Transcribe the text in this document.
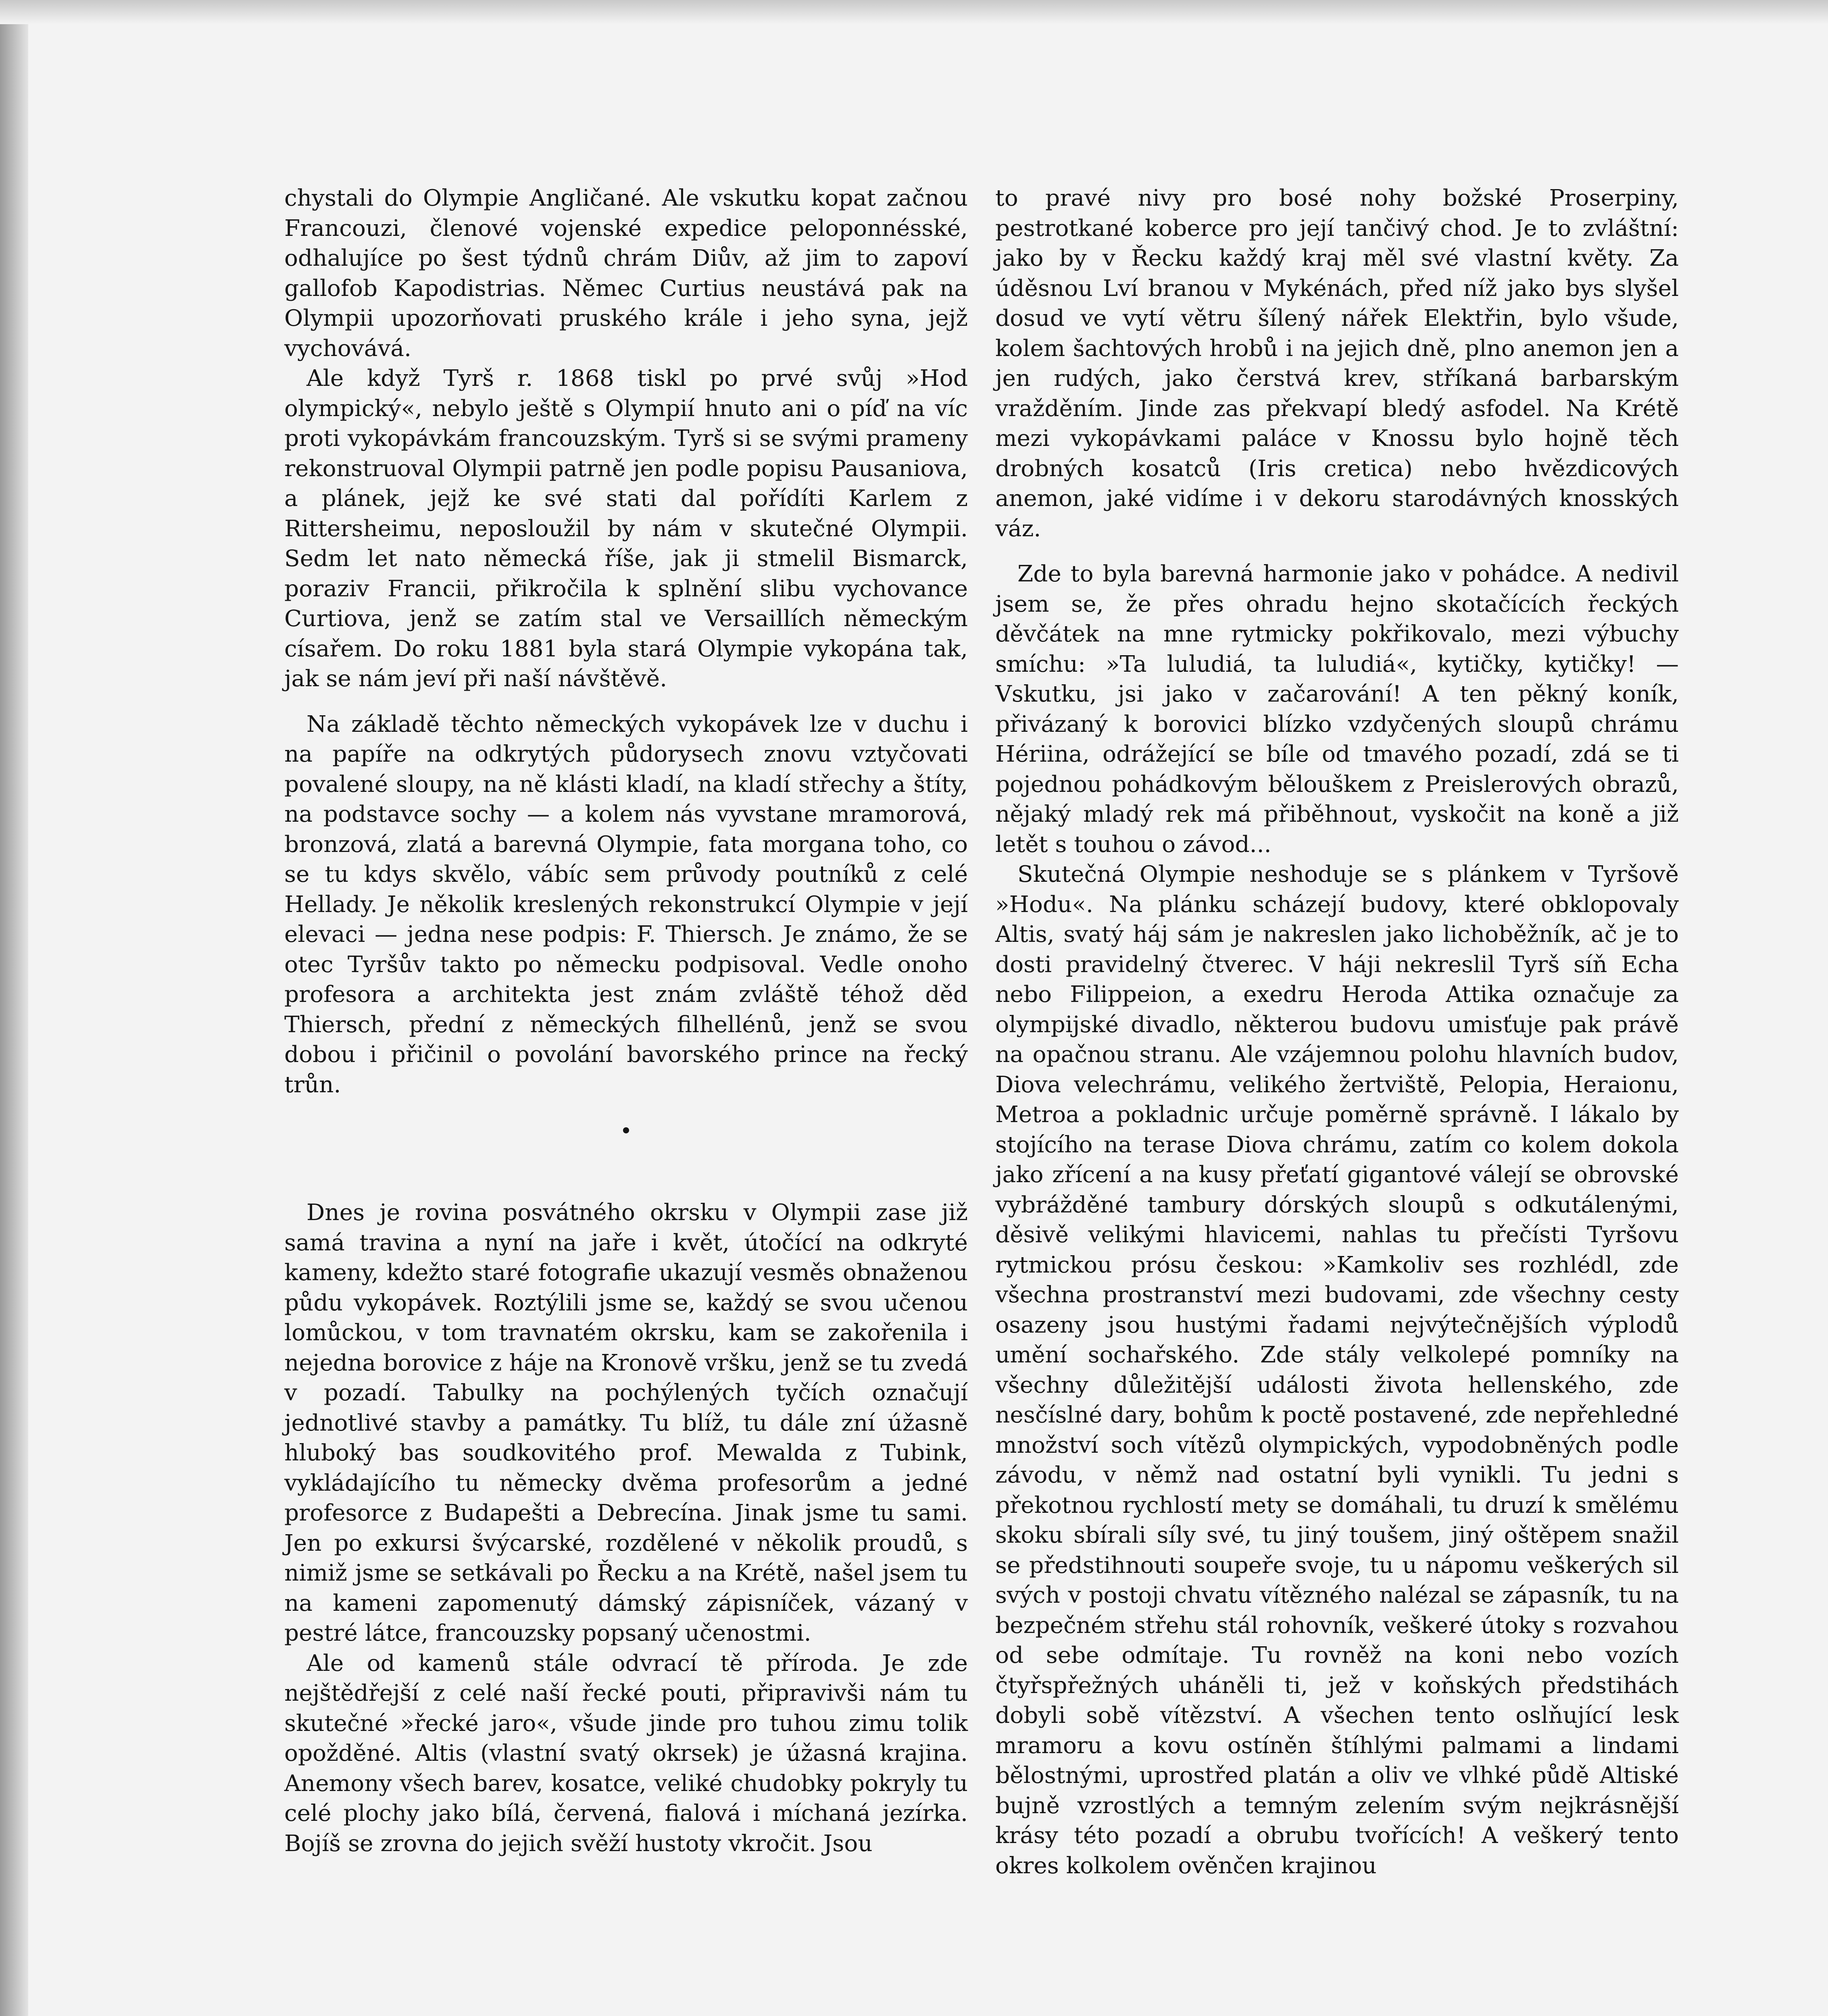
chystali do Olympie Angličané. Ale vskutku kopat začnou Francouzi, členové vojenské expedice peloponnésské, odhalujíce po šest týdnů chrám Diův, až jim to zapoví gallofob Kapodistrias. Němec Curtius neustává pak na Olympii upozorňovati pruského krále i jeho syna, jejž vychovává.

Ale když Tyrš r. 1868 tiskl po prvé svůj »Hod olympický«, nebylo ještě s Olympií hnuto ani o píď na víc proti vykopávkám francouzským. Tyrš si se svými prameny rekonstruoval Olympii patrně jen podle popisu Pausaniova, a plánek, jejž ke své stati dal pořídíti Karlem z Rittersheimu, neposloužil by nám v skutečné Olympii. Sedm let nato německá říše, jak ji stmelil Bismarck, poraziv Francii, přikročila k splnění slibu vychovance Curtiova, jenž se zatím stal ve Versaillích německým císařem. Do roku 1881 byla stará Olympie vykopána tak, jak se nám jeví při naší návštěvě.

Na základě těchto německých vykopávek lze v duchu i na papíře na odkrytých půdorysech znovu vztyčovati povalené sloupy, na ně klásti kladí, na kladí střechy a štíty, na podstavce sochy — a kolem nás vyvstane mramorová, bronzová, zlatá a barevná Olympie, fata morgana toho, co se tu kdys skvělo, vábíc sem průvody poutníků z celé Hellady. Je několik kreslených rekonstrukcí Olympie v její elevaci — jedna nese podpis: F. Thiersch. Je známo, že se otec Tyršův takto po německu podpisoval. Vedle onoho profesora a architekta jest znám zvláště téhož děd Thiersch, přední z německých filhellénů, jenž se svou dobou i přičinil o povolání bavorského prince na řecký trůn.

•

Dnes je rovina posvátného okrsku v Olympii zase již samá travina a nyní na jaře i květ, útočící na odkryté kameny, kdežto staré fotografie ukazují vesměs obnaženou půdu vykopávek. Roztýlili jsme se, každý se svou učenou lomůckou, v tom travnatém okrsku, kam se zakořenila i nejedna borovice z háje na Kronově vršku, jenž se tu zvedá v pozadí. Tabulky na pochýlených tyčích označují jednotlivé stavby a památky. Tu blíž, tu dále zní úžasně hluboký bas soudkovitého prof. Mewalda z Tubink, vykládajícího tu německy dvěma profesorům a jedné profesorce z Budapešti a Debrecína. Jinak jsme tu sami. Jen po exkursi švýcarské, rozdělené v několik proudů, s nimiž jsme se setkávali po Řecku a na Krétě, našel jsem tu na kameni zapomenutý dámský zápisníček, vázaný v pestré látce, francouzsky popsaný učenostmi.

Ale od kamenů stále odvrací tě příroda. Je zde nejštědřejší z celé naší řecké pouti, připravivši nám tu skutečné »řecké jaro«, všude jinde pro tuhou zimu tolik opožděné. Altis (vlastní svatý okrsek) je úžasná krajina. Anemony všech barev, kosatce, veliké chudobky pokryly tu celé plochy jako bílá, červená, fialová i míchaná jezírka. Bojíš se zrovna do jejich svěží hustoty vkročit. Jsou

to pravé nivy pro bosé nohy božské Proserpiny, pestrotkané koberce pro její tančivý chod. Je to zvláštní: jako by v Řecku každý kraj měl své vlastní květy. Za úděsnou Lví branou v Mykénách, před níž jako bys slyšel dosud ve vytí větru šílený nářek Elektřin, bylo všude, kolem šachtových hrobů i na jejich dně, plno anemon jen a jen rudých, jako čerstvá krev, stříkaná barbarským vražděním. Jinde zas překvapí bledý asfodel. Na Krétě mezi vykopávkami paláce v Knossu bylo hojně těch drobných kosatců (Iris cretica) nebo hvězdicových anemon, jaké vidíme i v dekoru starodávných knosských váz.

Zde to byla barevná harmonie jako v pohádce. A nedivil jsem se, že přes ohradu hejno skotačících řeckých děvčátek na mne rytmicky pokřikovalo, mezi výbuchy smíchu: »Ta luludiá, ta luludiá«, kytičky, kytičky! — Vskutku, jsi jako v začarování! A ten pěkný koník, přivázaný k borovici blízko vzdyčených sloupů chrámu Hériina, odrážející se bíle od tmavého pozadí, zdá se ti pojednou pohádkovým bělouškem z Preislerových obrazů, nějaký mladý rek má přiběhnout, vyskočit na koně a již letět s touhou o závod...

Skutečná Olympie neshoduje se s plánkem v Tyršově »Hodu«. Na plánku scházejí budovy, které obklopovaly Altis, svatý háj sám je nakreslen jako lichoběžník, ač je to dosti pravidelný čtverec. V háji nekreslil Tyrš síň Echa nebo Filippeion, a exedru Heroda Attika označuje za olympijské divadlo, některou budovu umisťuje pak právě na opačnou stranu. Ale vzájemnou polohu hlavních budov, Diova velechrámu, velikého žertviště, Pelopia, Heraionu, Metroa a pokladnic určuje poměrně správně. I lákalo by stojícího na terase Diova chrámu, zatím co kolem dokola jako zřícení a na kusy přeťatí gigantové válejí se obrovské vybrážděné tambury dórských sloupů s odkutálenými, děsivě velikými hlavicemi, nahlas tu přečísti Tyršovu rytmickou prósu českou: »Kamkoliv ses rozhlédl, zde všechna prostranství mezi budovami, zde všechny cesty osazeny jsou hustými řadami nejvýtečnějších výplodů umění sochařského. Zde stály velkolepé pomníky na všechny důležitější události života hellenského, zde nesčíslné dary, bohům k poctě postavené, zde nepřehledné množství soch vítězů olympických, vypodobněných podle závodu, v němž nad ostatní byli vynikli. Tu jedni s překotnou rychlostí mety se domáhali, tu druzí k smělému skoku sbírali síly své, tu jiný toušem, jiný oštěpem snažil se předstihnouti soupeře svoje, tu u nápomu veškerých sil svých v postoji chvatu vítězného nalézal se zápasník, tu na bezpečném střehu stál rohovník, veškeré útoky s rozvahou od sebe odmítaje. Tu rovněž na koni nebo vozích čtyřspřežných uháněli ti, jež v koňských předstihách dobyli sobě vítězství. A všechen tento oslňující lesk mramoru a kovu ostíněn štíhlými palmami a lindami bělostnými, uprostřed platán a oliv ve vlhké půdě Altiské bujně vzrostlých a temným zelením svým nejkrásnější krásy této pozadí a obrubu tvořících! A veškerý tento okres kolkolem ověnčen krajinou
